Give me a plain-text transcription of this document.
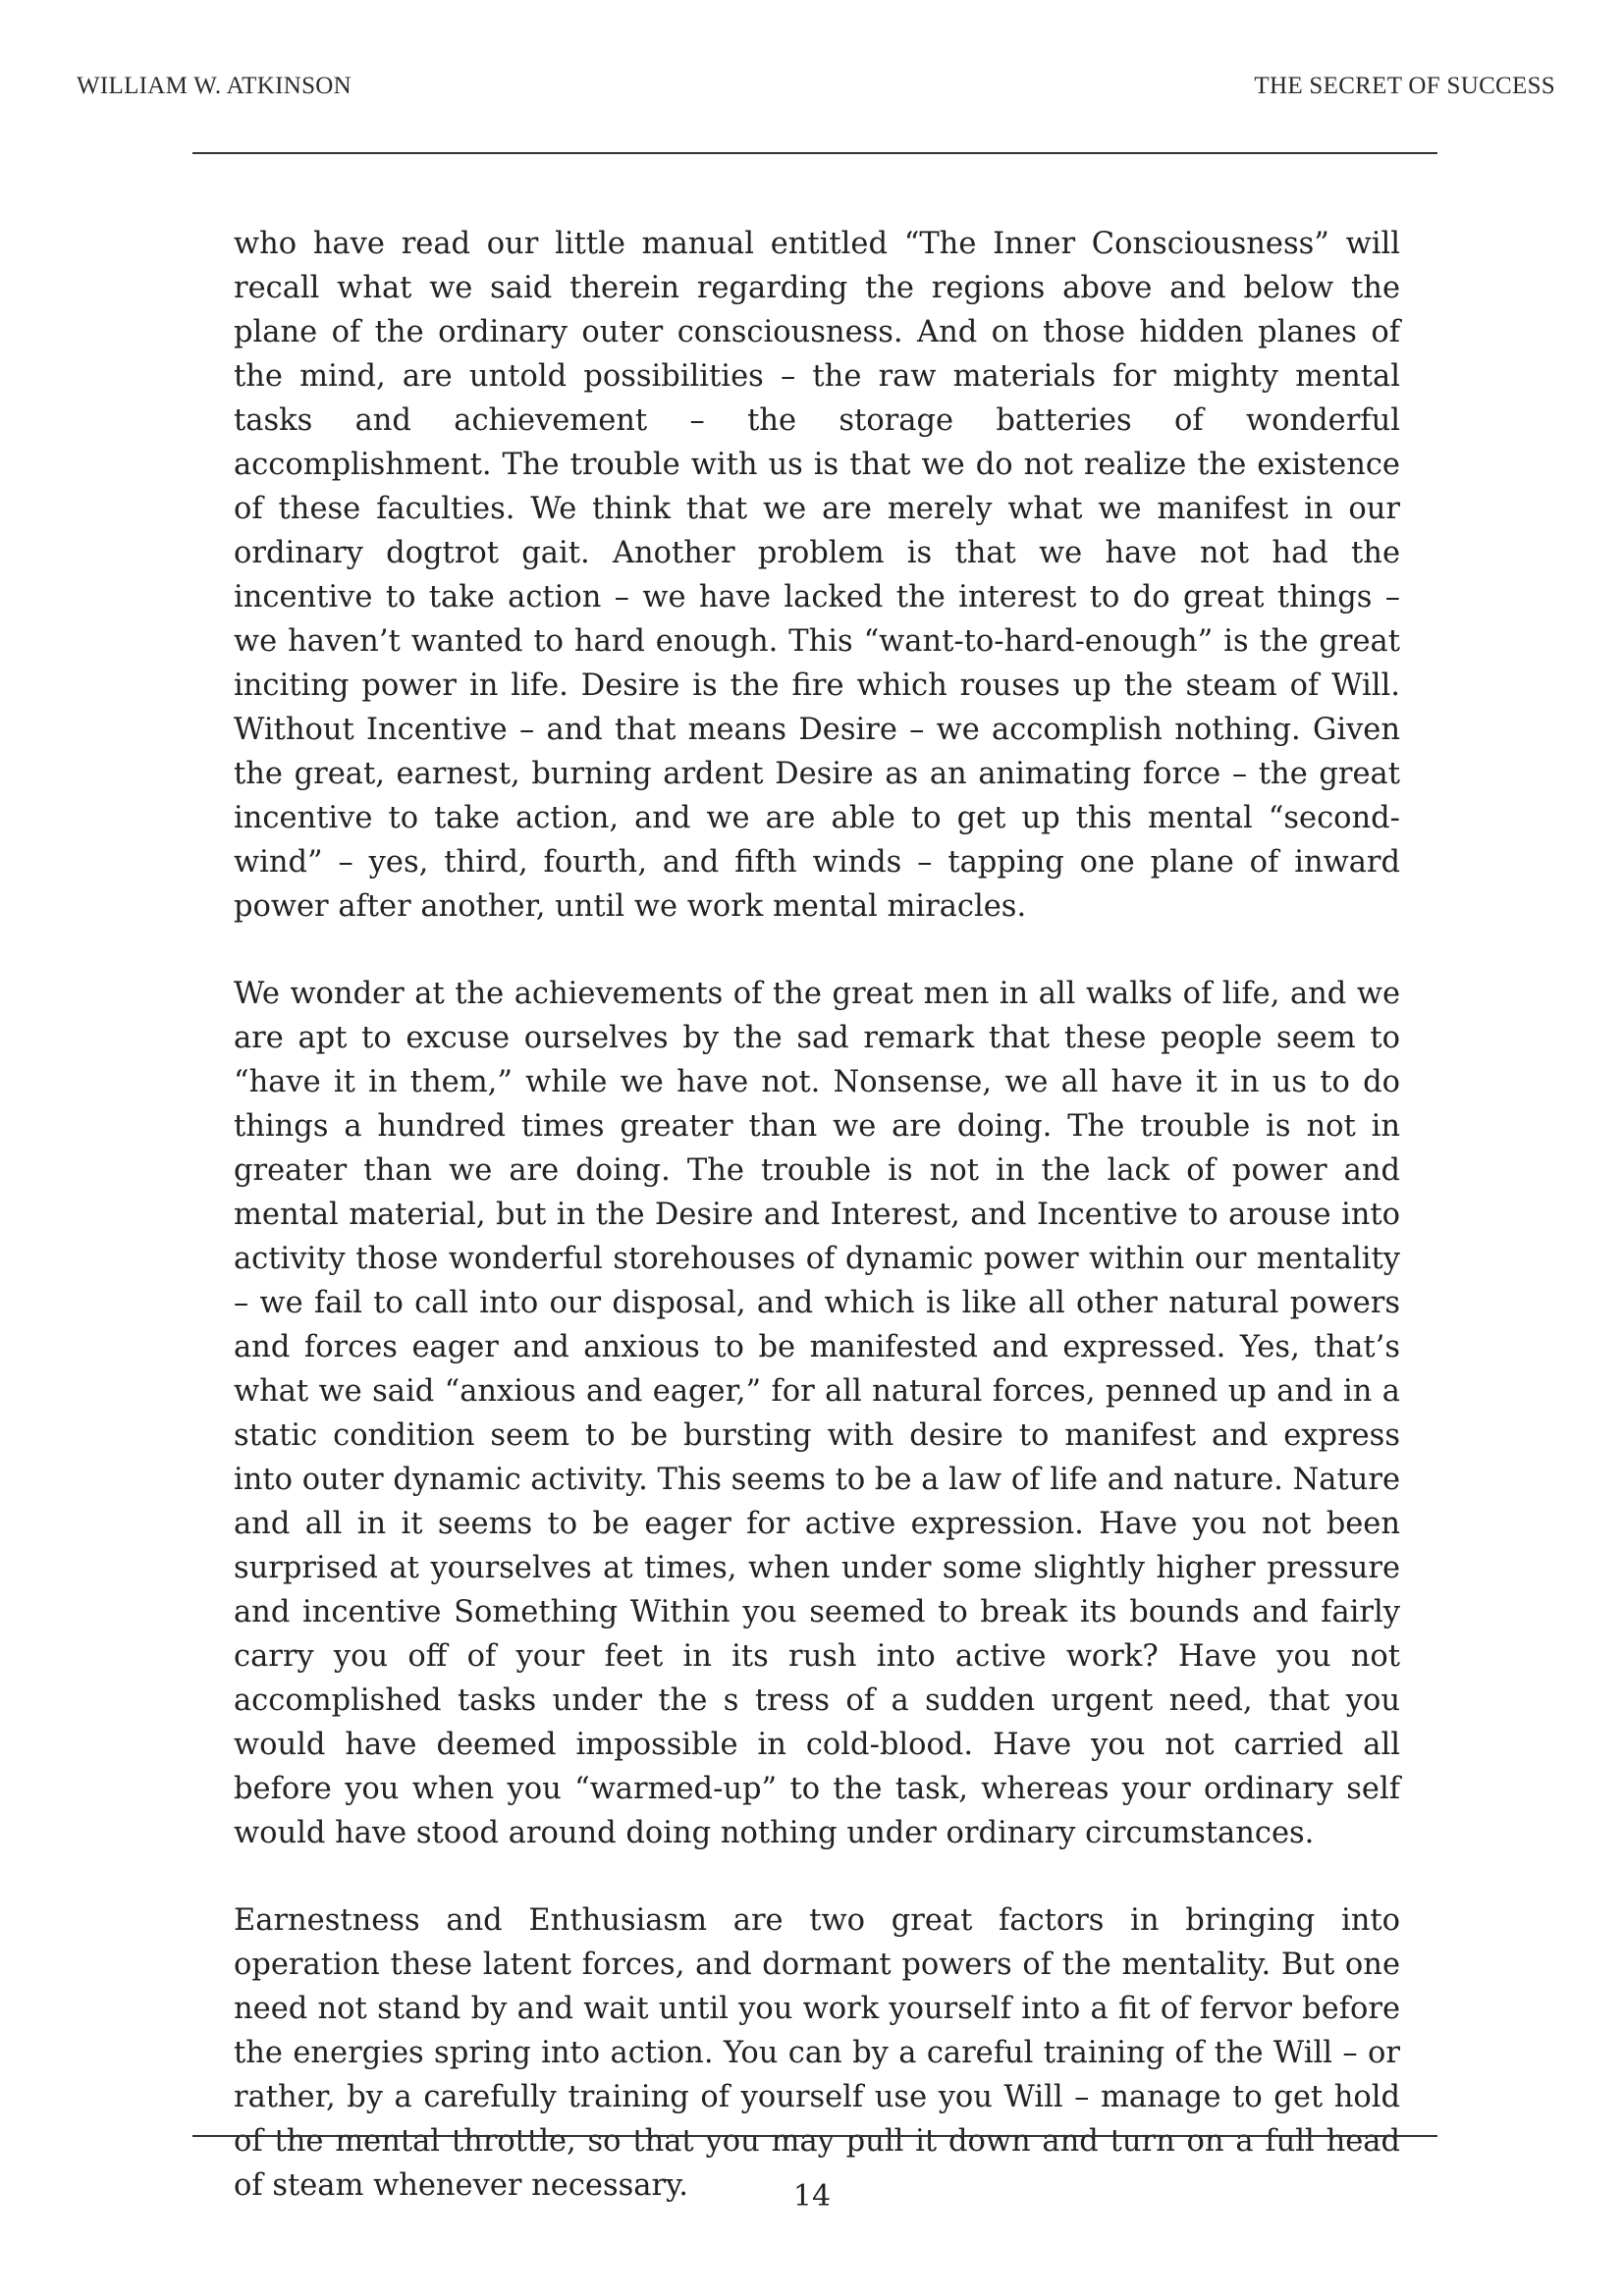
WILLIAM W. ATKINSON	THE SECRET OF SUCCESS

who have read our little manual entitled “The Inner Consciousness” will recall what we said therein regarding the regions above and below the plane of the ordinary outer consciousness. And on those hidden planes of the mind, are untold possibilities – the raw materials for mighty mental tasks and achievement – the storage batteries of wonderful accomplishment. The trouble with us is that we do not realize the existence of these faculties. We think that we are merely what we manifest in our ordinary dogtrot gait. Another problem is that we have not had the incentive to take action – we have lacked the interest to do great things – we haven’t wanted to hard enough. This “want-to-hard-enough” is the great inciting power in life. Desire is the fire which rouses up the steam of Will. Without Incentive – and that means Desire – we accomplish nothing. Given the great, earnest, burning ardent Desire as an animating force – the great incentive to take action, and we are able to get up this mental “second-wind” – yes, third, fourth, and fifth winds – tapping one plane of inward power after another, until we work mental miracles.

We wonder at the achievements of the great men in all walks of life, and we are apt to excuse ourselves by the sad remark that these people seem to “have it in them,” while we have not. Nonsense, we all have it in us to do things a hundred times greater than we are doing. The trouble is not in greater than we are doing. The trouble is not in the lack of power and mental material, but in the Desire and Interest, and Incentive to arouse into activity those wonderful storehouses of dynamic power within our mentality – we fail to call into our disposal, and which is like all other natural powers and forces eager and anxious to be manifested and expressed. Yes, that’s what we said “anxious and eager,” for all natural forces, penned up and in a static condition seem to be bursting with desire to manifest and express into outer dynamic activity. This seems to be a law of life and nature. Nature and all in it seems to be eager for active expression. Have you not been surprised at yourselves at times, when under some slightly higher pressure and incentive Something Within you seemed to break its bounds and fairly carry you off of your feet in its rush into active work? Have you not accomplished tasks under the s tress of a sudden urgent need, that you would have deemed impossible in cold-blood. Have you not carried all before you when you “warmed-up” to the task, whereas your ordinary self would have stood around doing nothing under ordinary circumstances.

Earnestness and Enthusiasm are two great factors in bringing into operation these latent forces, and dormant powers of the mentality. But one need not stand by and wait until you work yourself into a fit of fervor before the energies spring into action. You can by a careful training of the Will – or rather, by a carefully training of yourself use you Will – manage to get hold of the mental throttle, so that you may pull it down and turn on a full head of steam whenever necessary.	14
